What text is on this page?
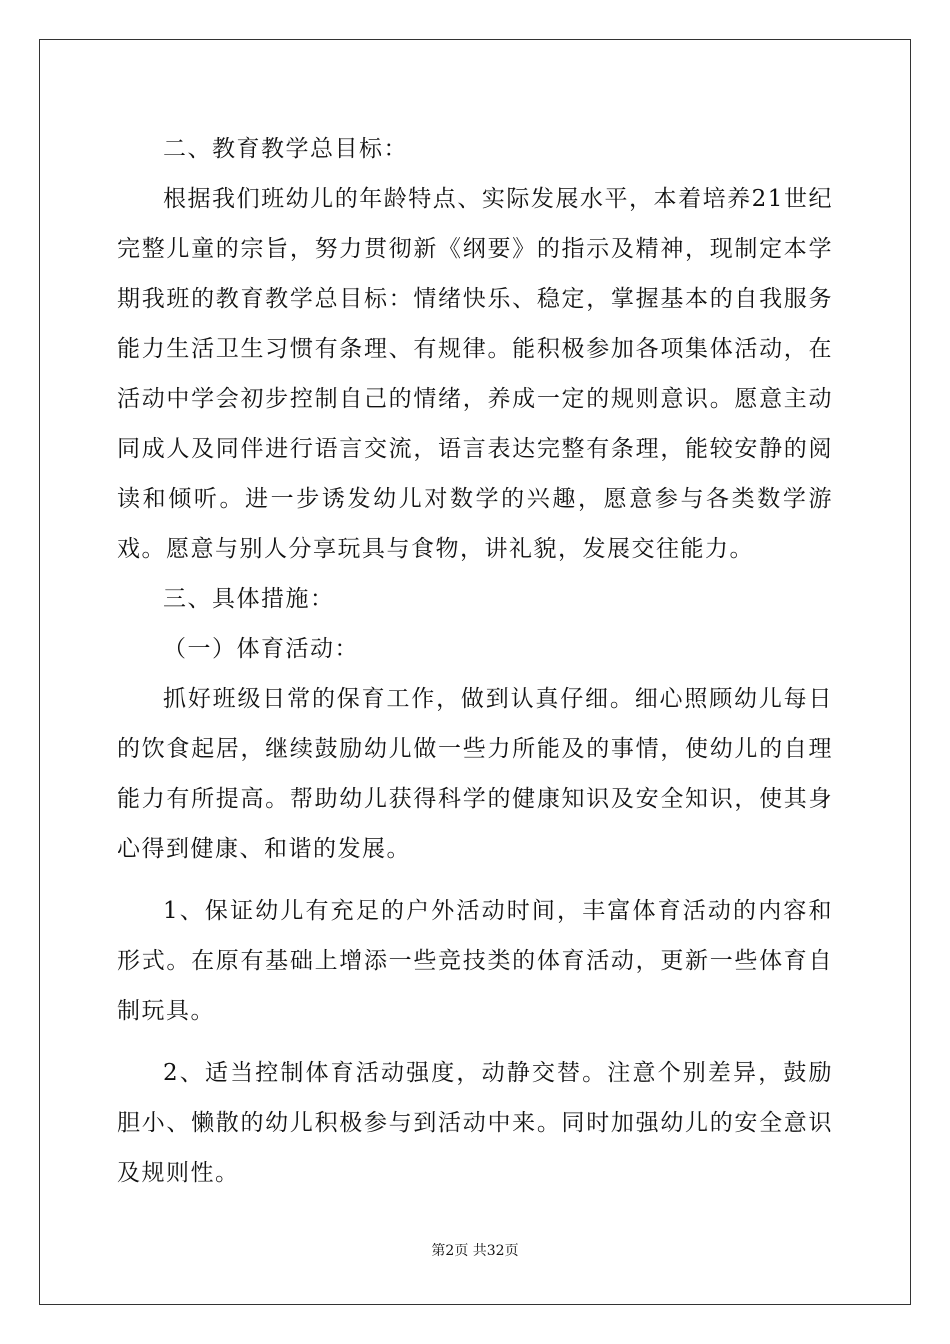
二、教育教学总目标：

根据我们班幼儿的年龄特点、实际发展水平，本着培养21世纪完整儿童的宗旨，努力贯彻新《纲要》的指示及精神，现制定本学期我班的教育教学总目标：情绪快乐、稳定，掌握基本的自我服务能力生活卫生习惯有条理、有规律。能积极参加各项集体活动，在活动中学会初步控制自己的情绪，养成一定的规则意识。愿意主动同成人及同伴进行语言交流，语言表达完整有条理，能较安静的阅读和倾听。进一步诱发幼儿对数学的兴趣，愿意参与各类数学游戏。愿意与别人分享玩具与食物，讲礼貌，发展交往能力。

三、具体措施：

（一）体育活动：

抓好班级日常的保育工作，做到认真仔细。细心照顾幼儿每日的饮食起居，继续鼓励幼儿做一些力所能及的事情，使幼儿的自理能力有所提高。帮助幼儿获得科学的健康知识及安全知识，使其身心得到健康、和谐的发展。

1、保证幼儿有充足的户外活动时间，丰富体育活动的内容和形式。在原有基础上增添一些竞技类的体育活动，更新一些体育自制玩具。

2、适当控制体育活动强度，动静交替。注意个别差异，鼓励胆小、懒散的幼儿积极参与到活动中来。同时加强幼儿的安全意识及规则性。

第2页 共32页
